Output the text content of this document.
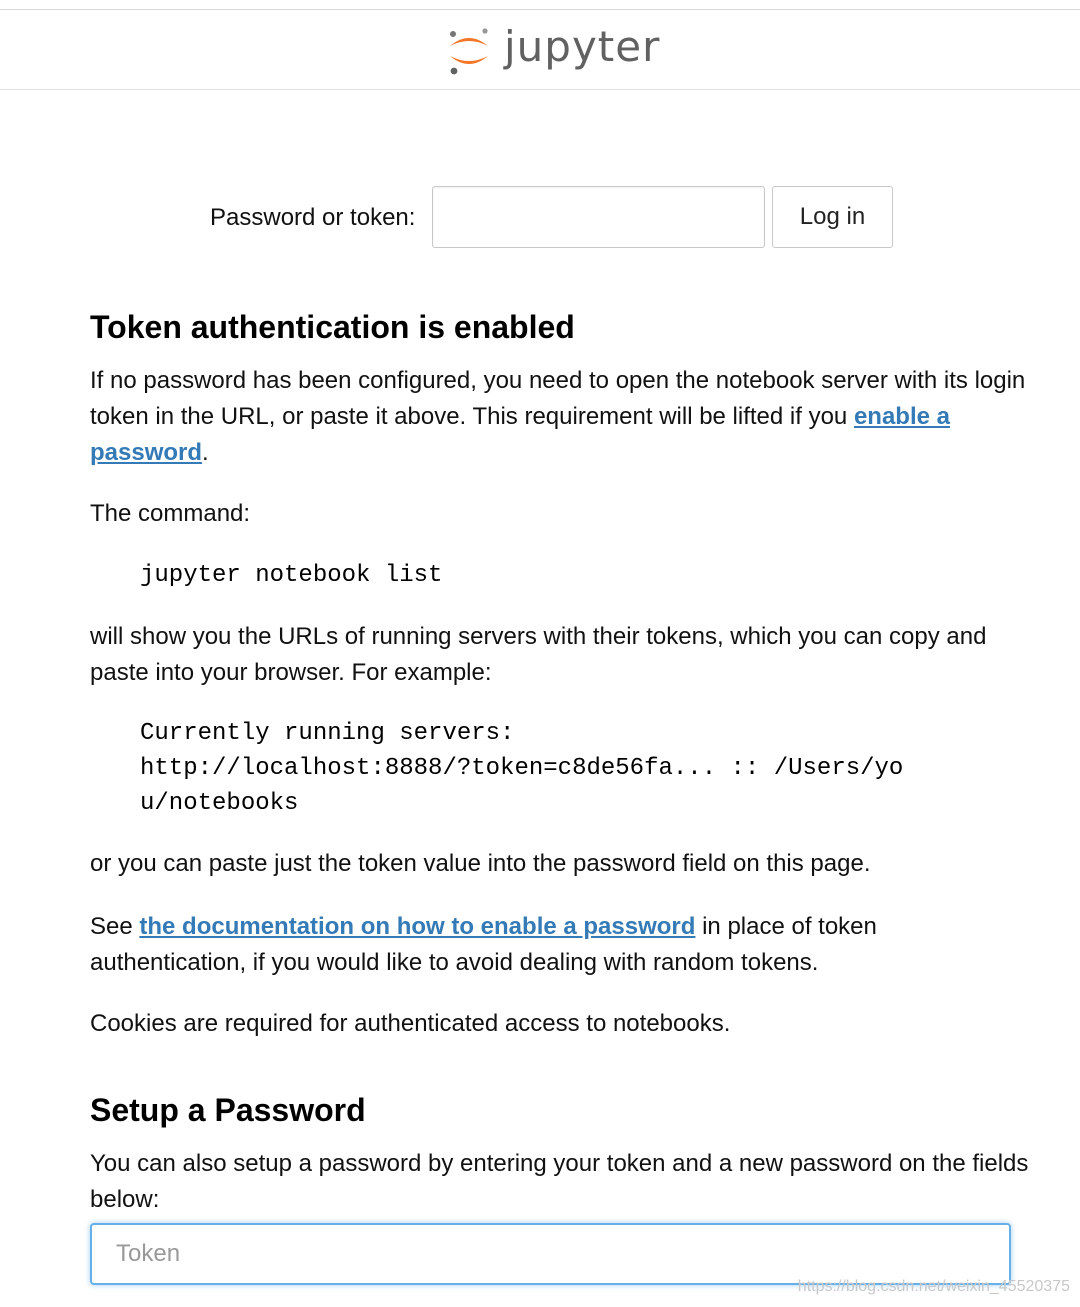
jupyter
Password or token:	Log in
Token authentication is enabled

If no password has been configured, you need to open the notebook server with its login token in the URL, or paste it above. This requirement will be lifted if you enable a password.

The command:

jupyter notebook list

will show you the URLs of running servers with their tokens, which you can copy and paste into your browser. For example:

Currently running servers:
http://localhost:8888/?token=c8de56fa... :: /Users/yo
u/notebooks

or you can paste just the token value into the password field on this page.

See the documentation on how to enable a password in place of token authentication, if you would like to avoid dealing with random tokens.

Cookies are required for authenticated access to notebooks.

Setup a Password

You can also setup a password by entering your token and a new password on the fields below:

Token
https://blog.csdn.net/weixin_45520375
